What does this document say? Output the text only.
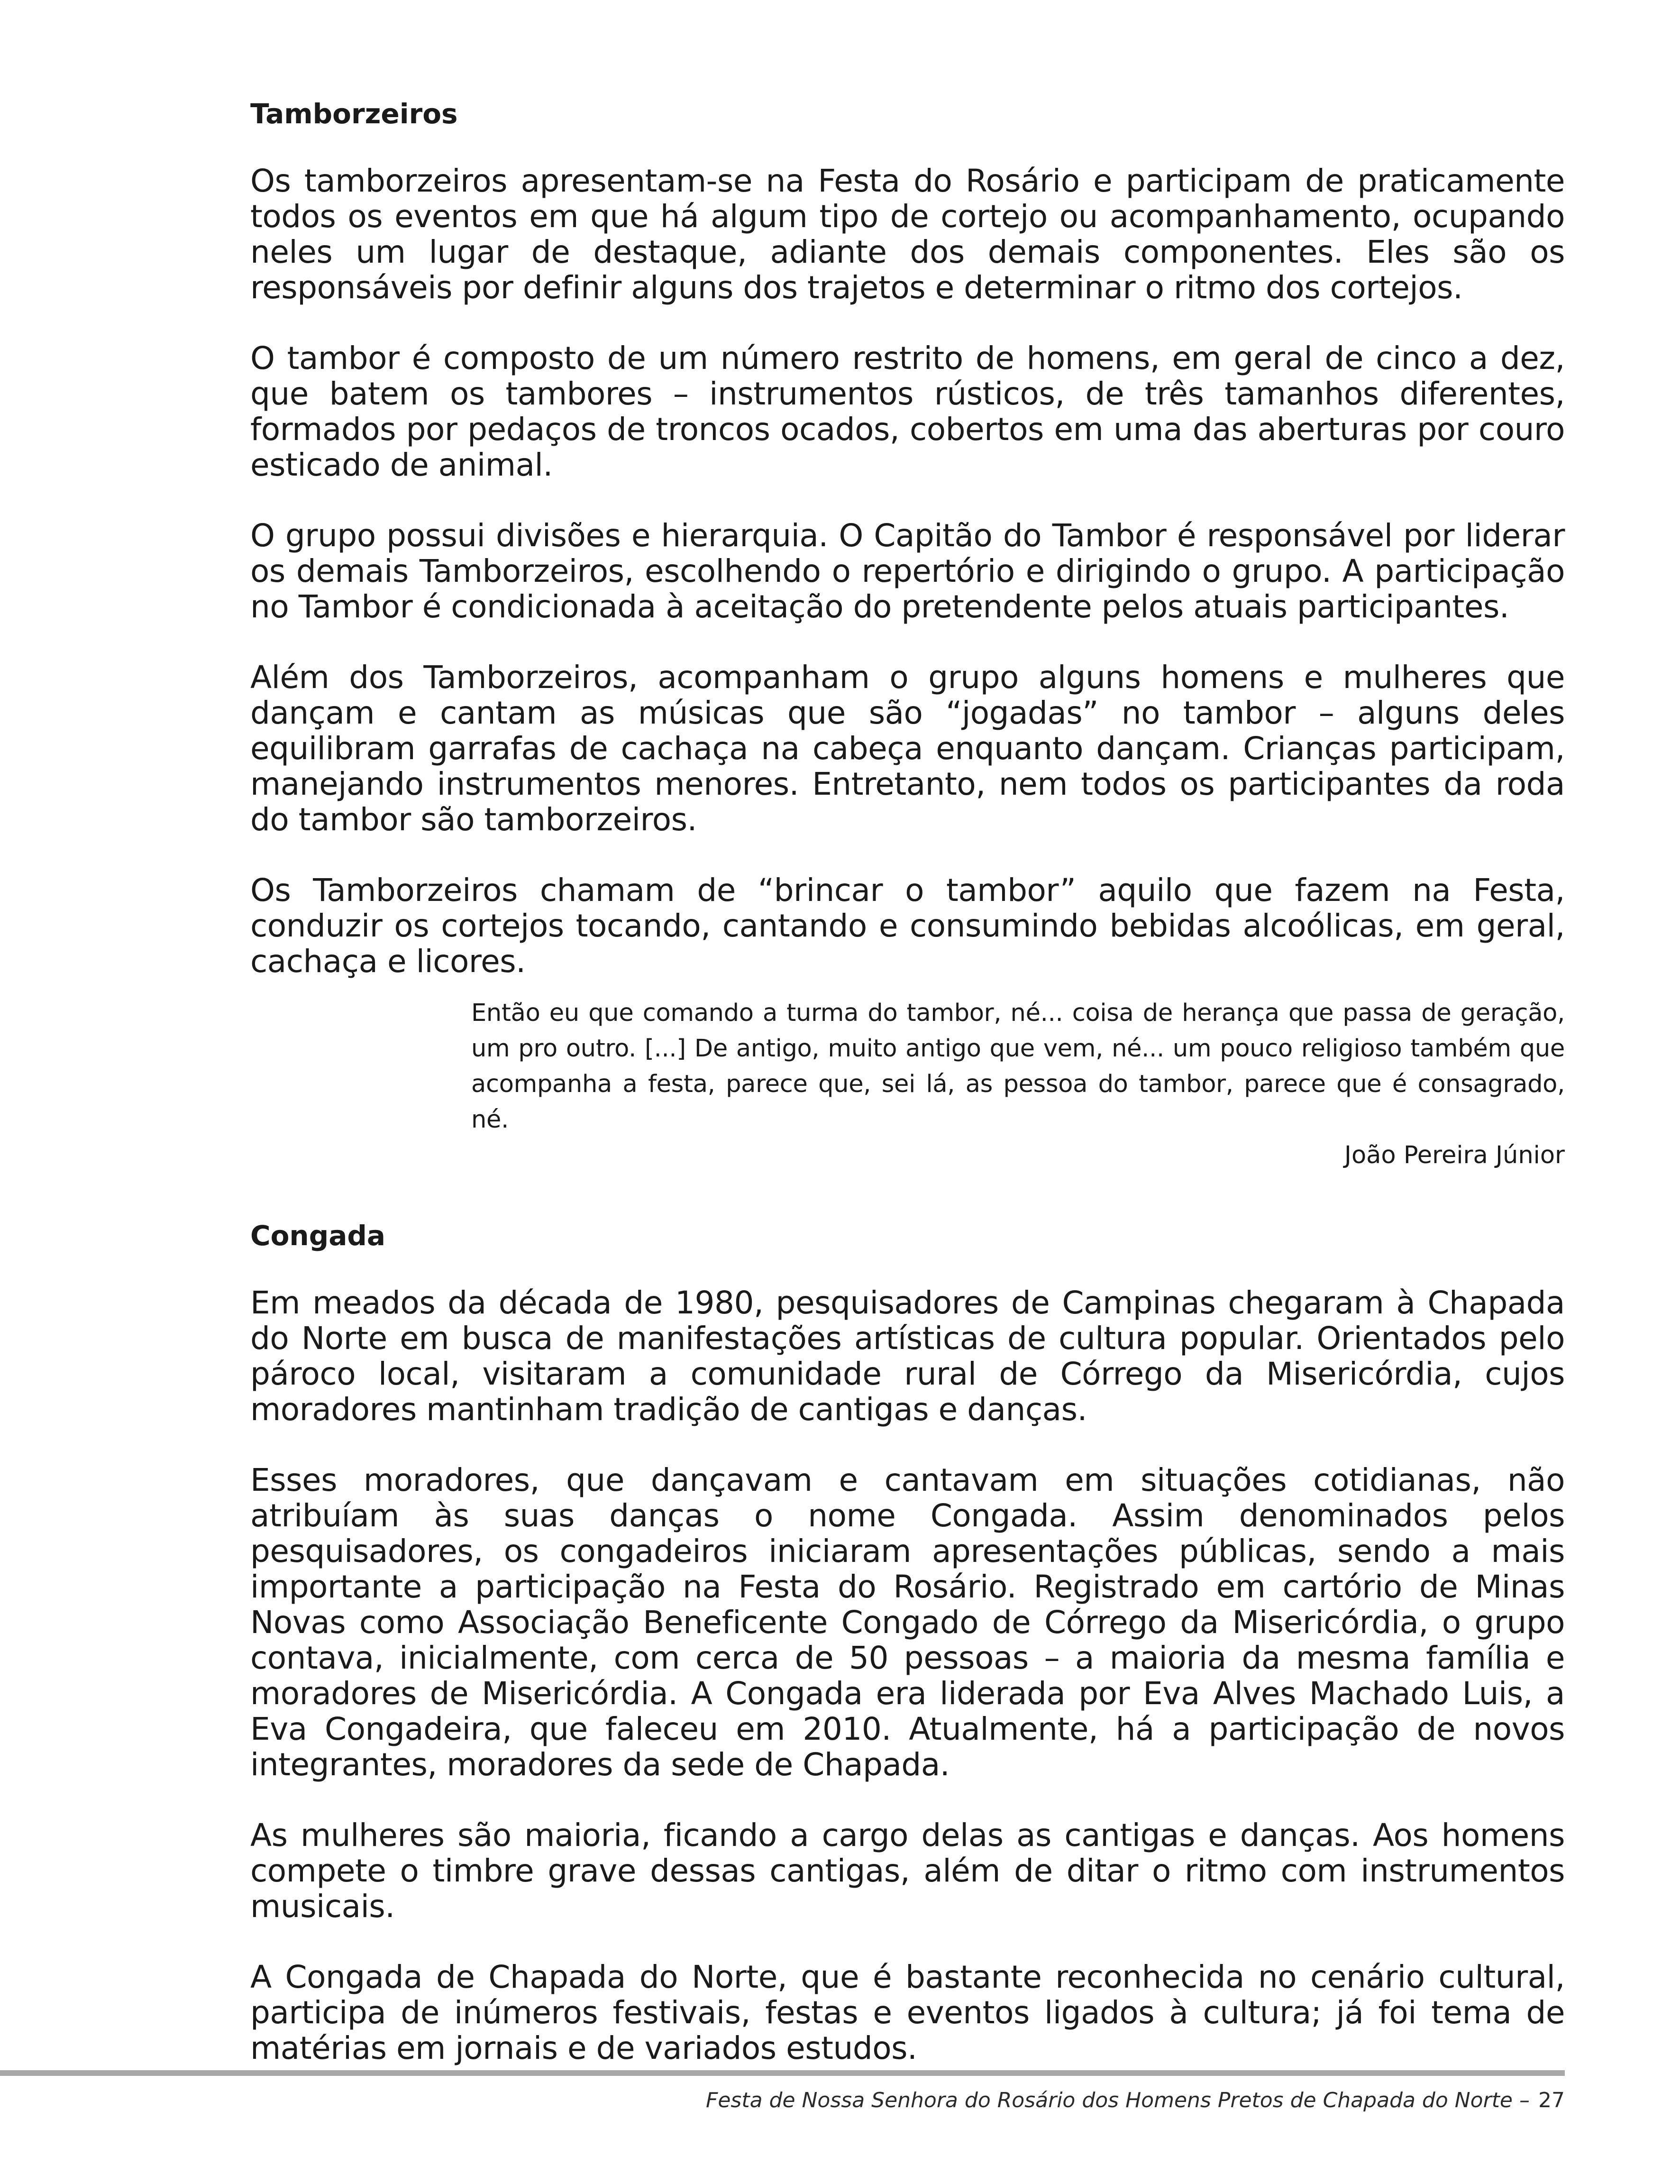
Tamborzeiros

Os tamborzeiros apresentam-se na Festa do Rosário e participam de praticamente todos os eventos em que há algum tipo de cortejo ou acompanhamento, ocupando neles um lugar de destaque, adiante dos demais componentes. Eles são os responsáveis por definir alguns dos trajetos e determinar o ritmo dos cortejos.

O tambor é composto de um número restrito de homens, em geral de cinco a dez, que batem os tambores – instrumentos rústicos, de três tamanhos diferentes, formados por pedaços de troncos ocados, cobertos em uma das aberturas por couro esticado de animal.

O grupo possui divisões e hierarquia. O Capitão do Tambor é responsável por liderar os demais Tamborzeiros, escolhendo o repertório e dirigindo o grupo. A participação no Tambor é condicionada à aceitação do pretendente pelos atuais participantes.

Além dos Tamborzeiros, acompanham o grupo alguns homens e mulheres que dançam e cantam as músicas que são “jogadas” no tambor – alguns deles equilibram garrafas de cachaça na cabeça enquanto dançam. Crianças participam, manejando instrumentos menores. Entretanto, nem todos os participantes da roda do tambor são tamborzeiros.

Os Tamborzeiros chamam de “brincar o tambor” aquilo que fazem na Festa, conduzir os cortejos tocando, cantando e consumindo bebidas alcoólicas, em geral, cachaça e licores.

Então eu que comando a turma do tambor, né... coisa de herança que passa de geração, um pro outro. [...] De antigo, muito antigo que vem, né... um pouco religioso também que acompanha a festa, parece que, sei lá, as pessoa do tambor, parece que é consagrado, né.

João Pereira Júnior

Congada

Em meados da década de 1980, pesquisadores de Campinas chegaram à Chapada do Norte em busca de manifestações artísticas de cultura popular. Orientados pelo pároco local, visitaram a comunidade rural de Córrego da Misericórdia, cujos moradores mantinham tradição de cantigas e danças.

Esses moradores, que dançavam e cantavam em situações cotidianas, não atribuíam às suas danças o nome Congada. Assim denominados pelos pesquisadores, os congadeiros iniciaram apresentações públicas, sendo a mais importante a participação na Festa do Rosário. Registrado em cartório de Minas Novas como Associação Beneficente Congado de Córrego da Misericórdia, o grupo contava, inicialmente, com cerca de 50 pessoas – a maioria da mesma família e moradores de Misericórdia. A Congada era liderada por Eva Alves Machado Luis, a Eva Congadeira, que faleceu em 2010. Atualmente, há a participação de novos integrantes, moradores da sede de Chapada.

As mulheres são maioria, ficando a cargo delas as cantigas e danças. Aos homens compete o timbre grave dessas cantigas, além de ditar o ritmo com instrumentos musicais.

A Congada de Chapada do Norte, que é bastante reconhecida no cenário cultural, participa de inúmeros festivais, festas e eventos ligados à cultura; já foi tema de matérias em jornais e de variados estudos.

Festa de Nossa Senhora do Rosário dos Homens Pretos de Chapada do Norte – 27
